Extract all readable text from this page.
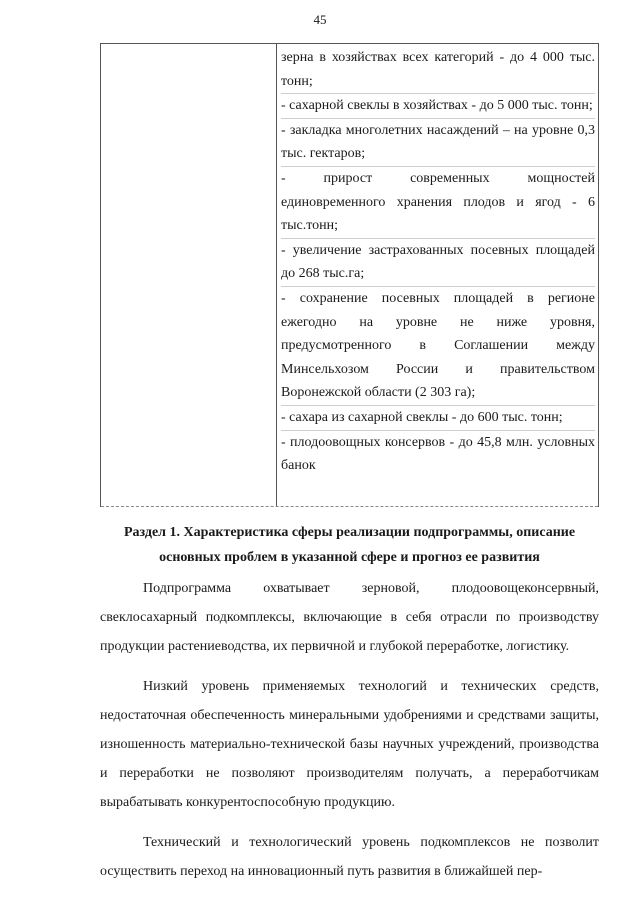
45

зерна в хозяйствах всех категорий - до 4 000 тыс. тонн;

- сахарной свеклы в хозяйствах - до 5 000 тыс. тонн;

- закладка многолетних насаждений – на уровне 0,3 тыс. гектаров;

- прирост современных мощностей единовременного хранения плодов и ягод - 6 тыс.тонн;

- увеличение застрахованных посевных площадей до 268 тыс.га;

- сохранение посевных площадей в регионе ежегодно на уровне не ниже уровня, предусмотренного в Соглашении между Минсельхозом России и правительством Воронежской области (2 303 га);

- сахара из сахарной свеклы - до 600 тыс. тонн;

- плодоовощных консервов - до 45,8 млн. условных банок

Раздел 1. Характеристика сферы реализации подпрограммы, описание
основных проблем в указанной сфере и прогноз ее развития

Подпрограмма охватывает зерновой, плодоовощеконсервный, свеклосахарный подкомплексы, включающие в себя отрасли по производству продукции растениеводства, их первичной и глубокой переработке, логистику.

Низкий уровень применяемых технологий и технических средств, недостаточная обеспеченность минеральными удобрениями и средствами защиты, изношенность материально-технической базы научных учреждений, производства и переработки не позволяют производителям получать, а переработчикам вырабатывать конкурентоспособную продукцию.

Технический и технологический уровень подкомплексов не позволит осуществить переход на инновационный путь развития в ближайшей пер-
